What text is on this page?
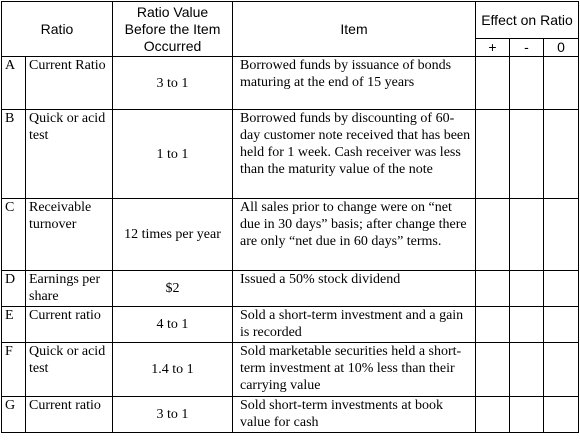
Ratio		Ratio Value Before the Item Occurred	Item	Effect on Ratio		
				+	-	0
A	Current Ratio	3 to 1	Borrowed funds by issuance of bonds maturing at the end of 15 years			
B	Quick or acid test	1 to 1	Borrowed funds by discounting of 60-day customer note received that has been held for 1 week. Cash receiver was less than the maturity value of the note			
C	Receivable turnover	12 times per year	All sales prior to change were on “net due in 30 days” basis; after change there are only “net due in 60 days” terms.			
D	Earnings per share	$2	Issued a 50% stock dividend			
E	Current ratio	4 to 1	Sold a short-term investment and a gain is recorded			
F	Quick or acid test	1.4 to 1	Sold marketable securities held a short-term investment at 10% less than their carrying value			
G	Current ratio	3 to 1	Sold short-term investments at book value for cash			
